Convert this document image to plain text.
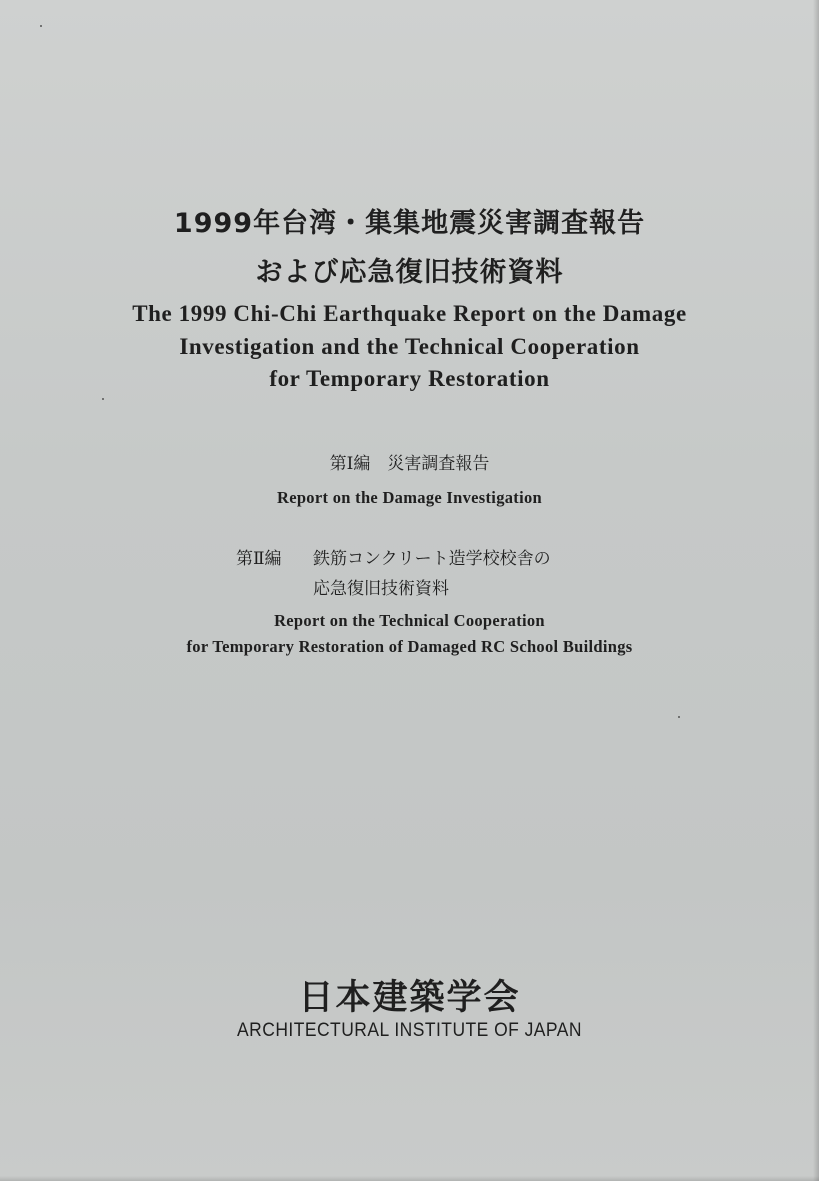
1999年台湾・集集地震災害調査報告
および応急復旧技術資料
The 1999 Chi-Chi Earthquake Report on the Damage
Investigation and the Technical Cooperation
for Temporary Restoration
第Ⅰ編　災害調査報告
Report on the Damage Investigation
第Ⅱ編 鉄筋コンクリート造学校校舎の
応急復旧技術資料
Report on the Technical Cooperation
for Temporary Restoration of Damaged RC School Buildings
日本建築学会
ARCHITECTURAL INSTITUTE OF JAPAN
